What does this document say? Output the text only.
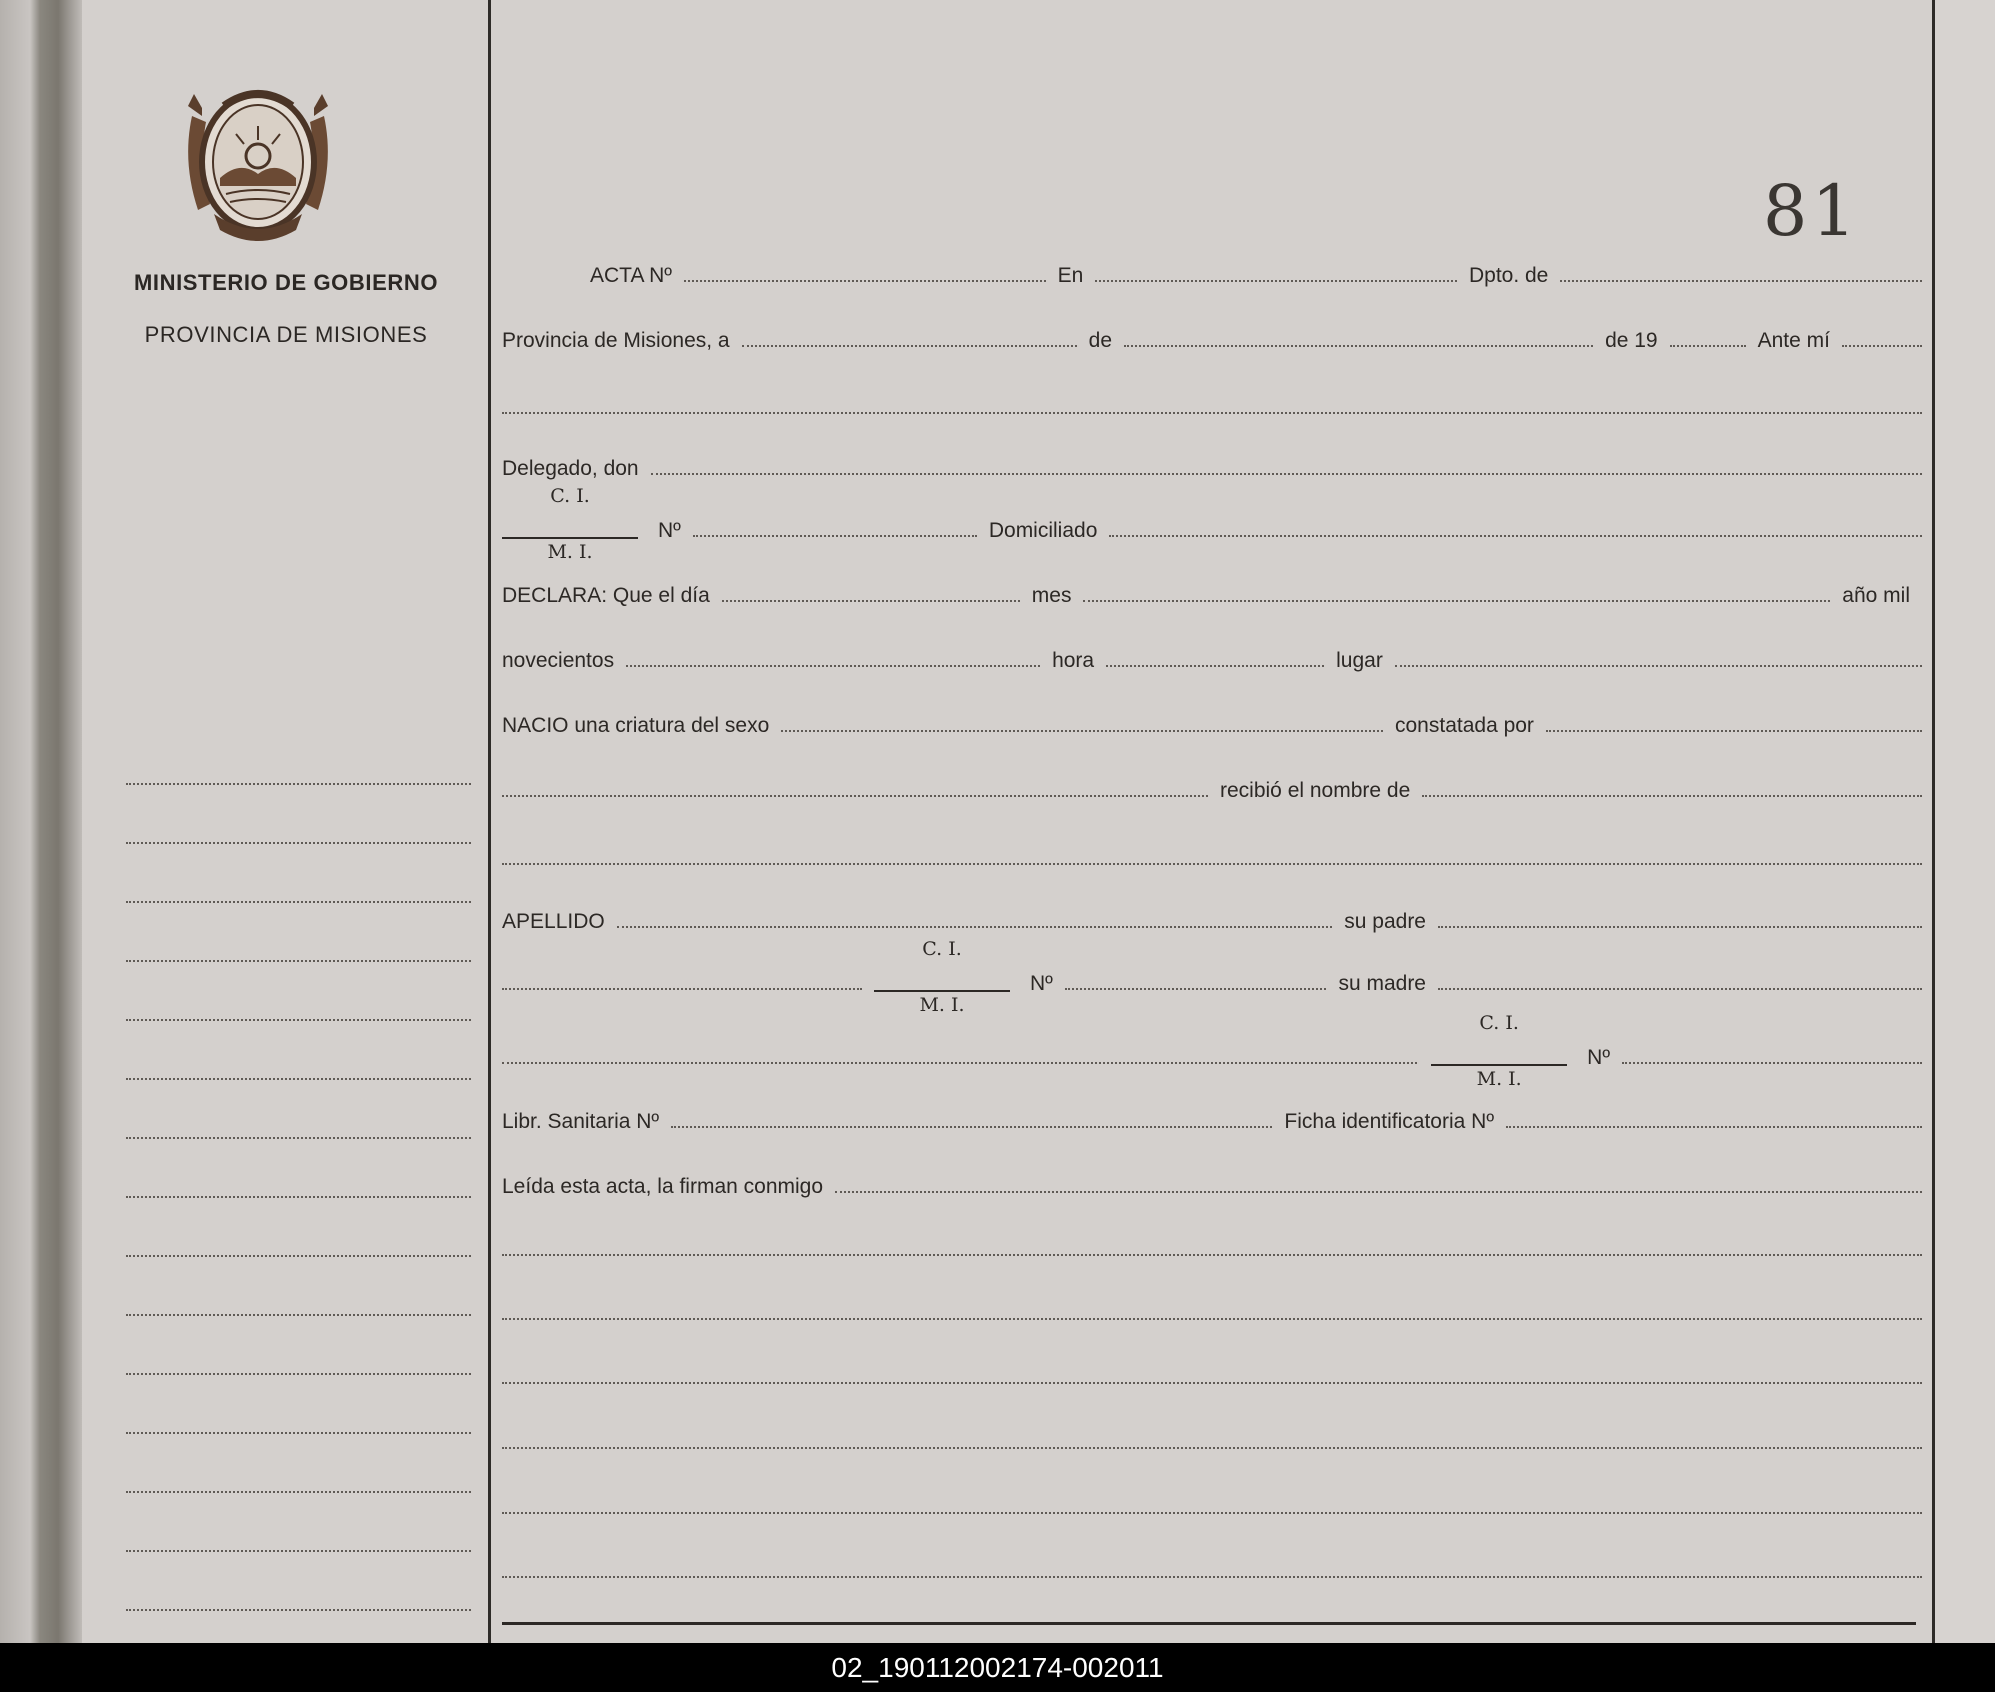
MINISTERIO DE GOBIERNO
PROVINCIA DE MISIONES
81
ACTA Nº	En	Dpto. de
Provincia de Misiones, a	de	de 19	Ante mí
Delegado, don
$\frac{C. I.}{M. I.}$ Nº	Domiciliado
DECLARA: Que el día	mes	año mil
novecientos	hora	lugar
NACIO una criatura del sexo	constatada por
recibió el nombre de
APELLIDO	su padre
$\frac{C. I.}{M. I.}$ Nº	su madre
$\frac{C. I.}{M. I.}$ Nº
Libr. Sanitaria Nº	Ficha identificatoria Nº
Leída esta acta, la firman conmigo
02_190112002174-002011
